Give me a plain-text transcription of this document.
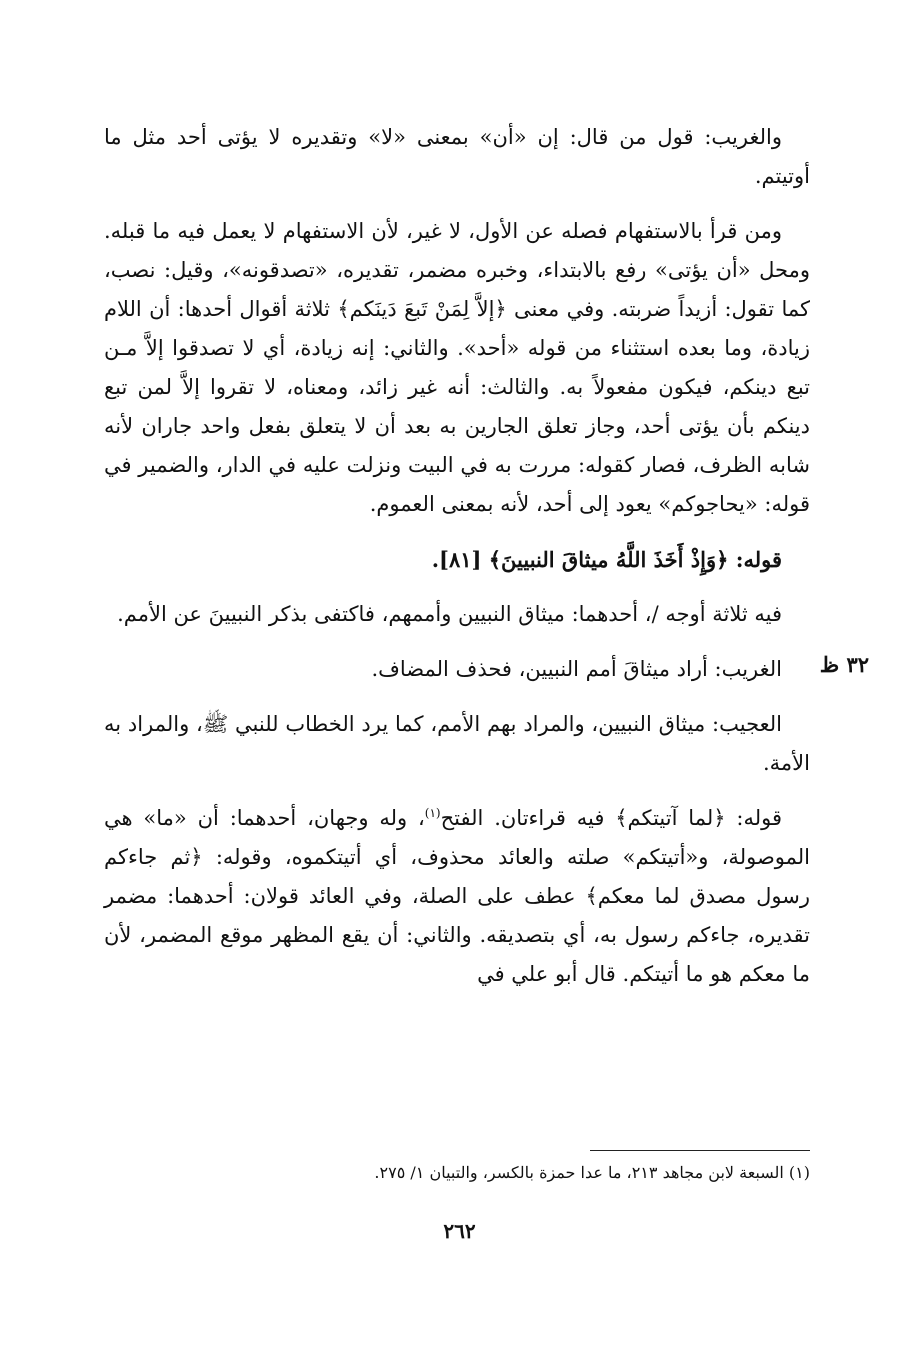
والغريب: قول من قال: إن «أن» بمعنى «لا» وتقديره لا يؤتى أحد مثل ما أوتيتم.

ومن قرأ بالاستفهام فصله عن الأول، لا غير، لأن الاستفهام لا يعمل فيه ما قبله. ومحل «أن يؤتى» رفع بالابتداء، وخبره مضمر، تقديره، «تصدقونه»، وقيل: نصب، كما تقول: أزيداً ضربته. وفي معنى ﴿إلاَّ لِمَنْ تَبعَ دَينَكم﴾ ثلاثة أقوال أحدها: أن اللام زيادة، وما بعده استثناء من قوله «أحد». والثاني: إنه زيادة، أي لا تصدقوا إلاَّ مـن تبع دينكم، فيكون مفعولاً به. والثالث: أنه غير زائد، ومعناه، لا تقروا إلاَّ لمن تبع دينكم بأن يؤتى أحد، وجاز تعلق الجارين به بعد أن لا يتعلق بفعل واحد جاران لأنه شابه الظرف، فصار كقوله: مررت به في البيت ونزلت عليه في الدار، والضمير في قوله: «يحاجوكم» يعود إلى أحد، لأنه بمعنى العموم.

قوله: ﴿وَإِذْ أَخَذَ اللَّهُ ميثاقَ النبيينَ﴾ [٨١].

فيه ثلاثة أوجه /، أحدهما: ميثاق النبيين وأممهم، فاكتفى بذكر النبيينَ عن الأمم.

الغريب: أراد ميثاقَ أمم النبيين، فحذف المضاف.

العجيب: ميثاق النبيين، والمراد بهم الأمم، كما يرد الخطاب للنبي ﷺ، والمراد به الأمة.

قوله: ﴿لما آتيتكم﴾ فيه قراءتان. الفتح$^{(١)}$، وله وجهان، أحدهما: أن «ما» هي الموصولة، و«أتيتكم» صلته والعائد محذوف، أي أتيتكموه، وقوله: ﴿ثم جاءكم رسول مصدق لما معكم﴾ عطف على الصلة، وفي العائد قولان: أحدهما: مضمر تقديره، جاءكم رسول به، أي بتصديقه. والثاني: أن يقع المظهر موقع المضمر، لأن ما معكم هو ما أتيتكم. قال أبو علي في

٣٢ ظ
(١) السبعة لابن مجاهد ٢١٣، ما عدا حمزة بالكسر، والتبيان ١/ ٢٧٥.
٢٦٢
